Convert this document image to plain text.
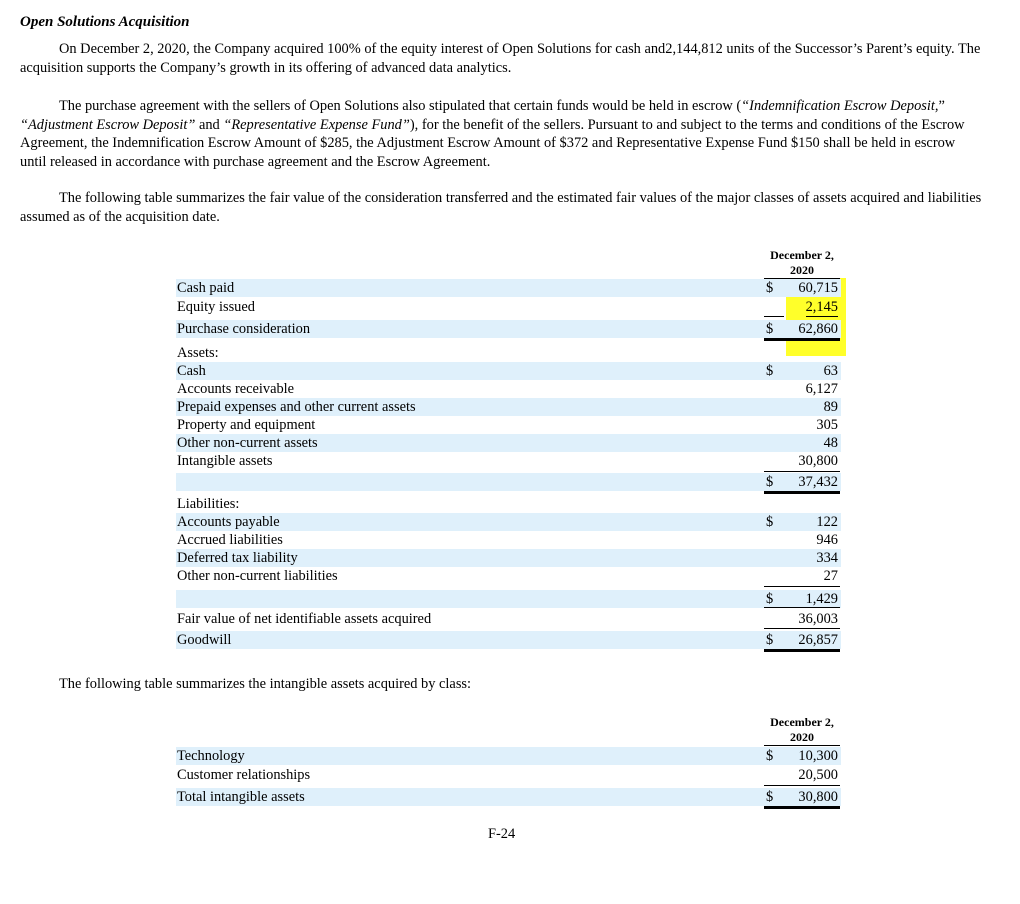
Open Solutions Acquisition
On December 2, 2020, the Company acquired 100% of the equity interest of Open Solutions for cash and2,144,812 units of the Successor’s Parent’s equity. The acquisition supports the Company’s growth in its offering of advanced data analytics.
The purchase agreement with the sellers of Open Solutions also stipulated that certain funds would be held in escrow (“Indemnification Escrow Deposit,” “Adjustment Escrow Deposit” and “Representative Expense Fund”), for the benefit of the sellers. Pursuant to and subject to the terms and conditions of the Escrow Agreement, the Indemnification Escrow Amount of $285, the Adjustment Escrow Amount of $372 and Representative Expense Fund $150 shall be held in escrow until released in accordance with purchase agreement and the Escrow Agreement.
The following table summarizes the fair value of the consideration transferred and the estimated fair values of the major classes of assets acquired and liabilities assumed as of the acquisition date.
December 2,
2020
Cash paid	$ 60,715
Equity issued	2,145
Purchase consideration	$ 62,860
Assets:
Cash	$	63
Accounts receivable	6,127
Prepaid expenses and other current assets	89
Property and equipment	305
Other non-current assets	48
Intangible assets	30,800
$ 37,432
Liabilities:
Accounts payable	$	122
Accrued liabilities	946
Deferred tax liability	334
Other non-current liabilities	27
$ 1,429
Fair value of net identifiable assets acquired	36,003
Goodwill	$ 26,857
The following table summarizes the intangible assets acquired by class:
December 2,
2020
Technology	$ 10,300
Customer relationships	20,500
Total intangible assets	$ 30,800
F-24
